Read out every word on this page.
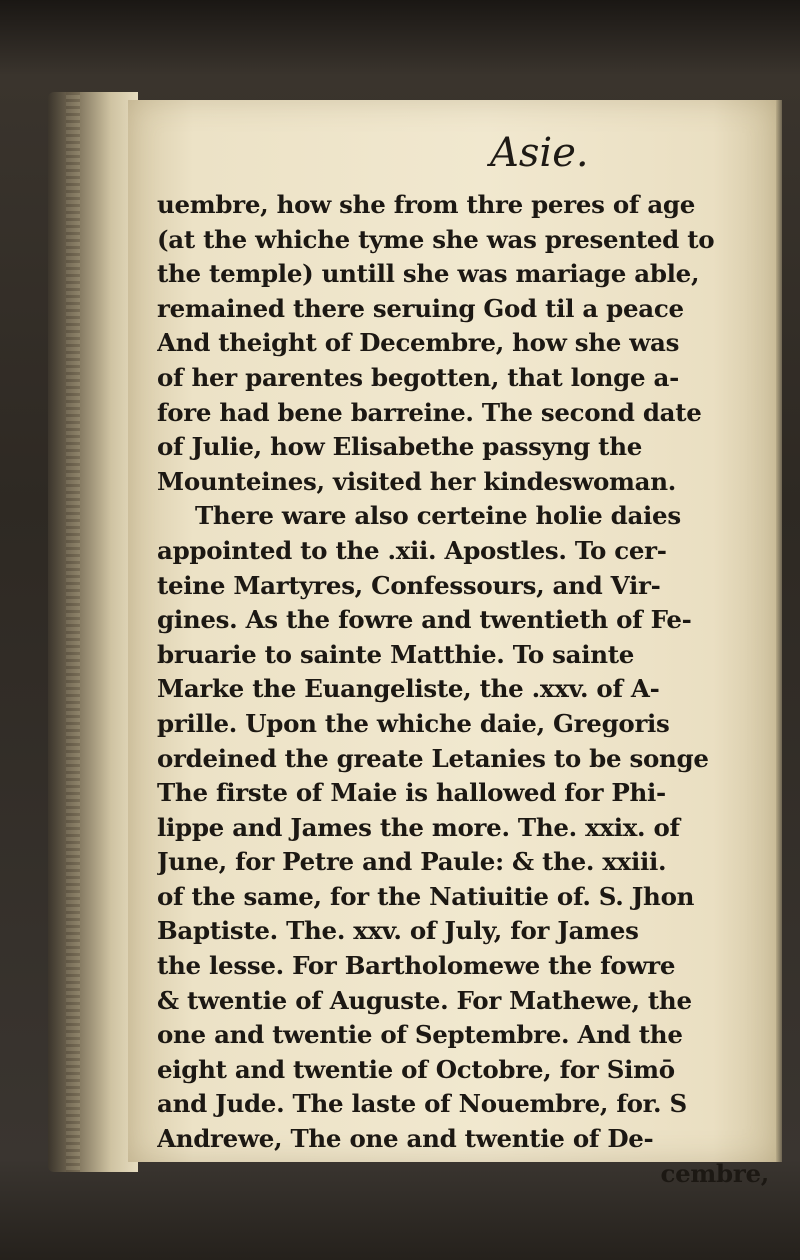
Asie.
uembre, how she from thre peres of age
(at the whiche tyme she was presented to
the temple) untill she was mariage able,
remained there seruing God til a peace
And theight of Decembre, how she was
of her parentes begotten, that longe a-
fore had bene barreine. The second date
of Julie, how Elisabethe passyng the
Mounteines, visited her kindeswoman.
There ware also certeine holie daies
appointed to the .xii. Apostles. To cer-
teine Martyres, Confessours, and Vir-
gines. As the fowre and twentieth of Fe-
bruarie to sainte Matthie. To sainte
Marke the Euangeliste, the .xxv. of A-
prille. Upon the whiche daie, Gregoris
ordeined the greate Letanies to be songe
The firste of Maie is hallowed for Phi-
lippe and James the more. The. xxix. of
June, for Petre and Paule: & the. xxiii.
of the same, for the Natiuitie of. S. Jhon
Baptiste. The. xxv. of July, for James
the lesse. For Bartholomewe the fowre
& twentie of Auguste. For Mathewe, the
one and twentie of Septembre. And the
eight and twentie of Octobre, for Simō
and Jude. The laste of Nouembre, for. S
Andrewe, The one and twentie of De-
cembre,
